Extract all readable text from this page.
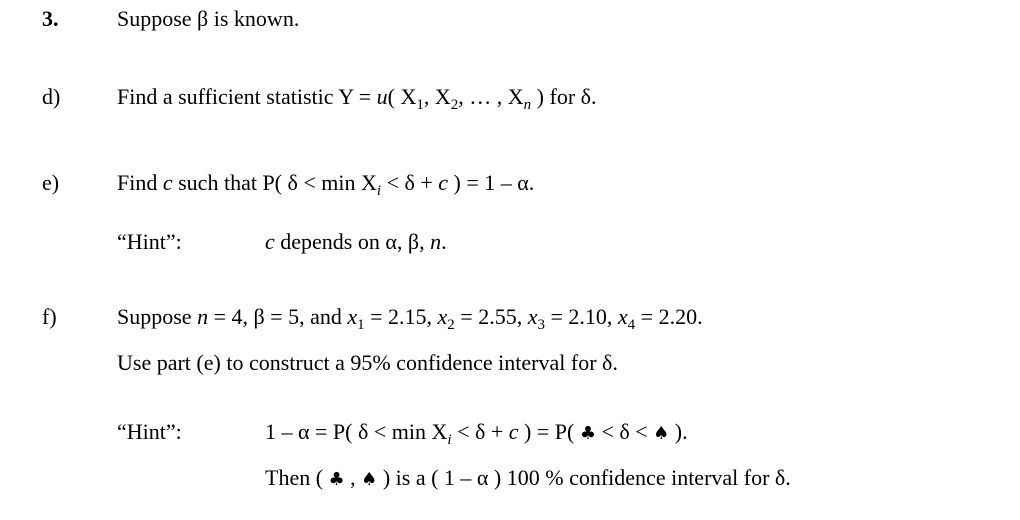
3.	Suppose β is known.
d)	Find a sufficient statistic Y = u( $X_1$, $X_2$, … , $X_n$ ) for δ.
e)	Find c such that P( $\delta < \min X_i < \delta + c$ ) = 1 – α.
“Hint”:	c depends on α, β, n.
f)	Suppose n = 4, β = 5, and $x_1 = 2.15$, $x_2 = 2.55$, $x_3 = 2.10$, $x_4 = 2.20$.
Use part (e) to construct a 95% confidence interval for δ.
“Hint”:	1 – α = P( $\delta < \min X_i < \delta + c$ ) = P( ♣ < δ < ♠ ).
Then ( ♣ , ♠ ) is a ( 1 – α ) 100 % confidence interval for δ.
